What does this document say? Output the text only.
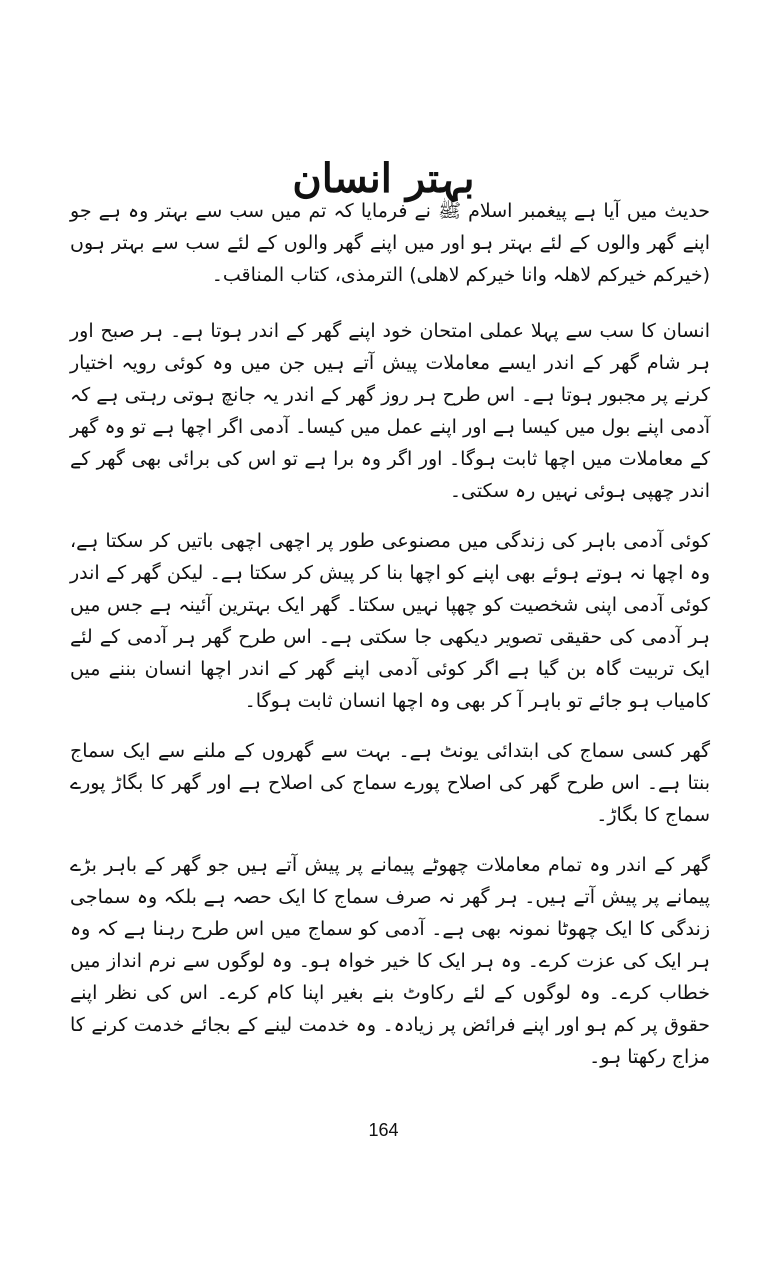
بہتر انسان

حدیث میں آیا ہے پیغمبر اسلام ﷺ نے فرمایا کہ تم میں سب سے بہتر وہ ہے جو اپنے گھر والوں کے لئے بہتر ہو اور میں اپنے گھر والوں کے لئے سب سے بہتر ہوں (خیرکم خیرکم لاھلہ وانا خیرکم لاھلی) الترمذی، کتاب المناقب۔

انسان کا سب سے پہلا عملی امتحان خود اپنے گھر کے اندر ہوتا ہے۔ ہر صبح اور ہر شام گھر کے اندر ایسے معاملات پیش آتے ہیں جن میں وہ کوئی رویہ اختیار کرنے پر مجبور ہوتا ہے۔ اس طرح ہر روز گھر کے اندر یہ جانچ ہوتی رہتی ہے کہ آدمی اپنے بول میں کیسا ہے اور اپنے عمل میں کیسا۔ آدمی اگر اچھا ہے تو وہ گھر کے معاملات میں اچھا ثابت ہوگا۔ اور اگر وہ برا ہے تو اس کی برائی بھی گھر کے اندر چھپی ہوئی نہیں رہ سکتی۔

کوئی آدمی باہر کی زندگی میں مصنوعی طور پر اچھی اچھی باتیں کر سکتا ہے، وہ اچھا نہ ہوتے ہوئے بھی اپنے کو اچھا بنا کر پیش کر سکتا ہے۔ لیکن گھر کے اندر کوئی آدمی اپنی شخصیت کو چھپا نہیں سکتا۔ گھر ایک بہترین آئینہ ہے جس میں ہر آدمی کی حقیقی تصویر دیکھی جا سکتی ہے۔ اس طرح گھر ہر آدمی کے لئے ایک تربیت گاہ بن گیا ہے اگر کوئی آدمی اپنے گھر کے اندر اچھا انسان بننے میں کامیاب ہو جائے تو باہر آ کر بھی وہ اچھا انسان ثابت ہوگا۔

گھر کسی سماج کی ابتدائی یونٹ ہے۔ بہت سے گھروں کے ملنے سے ایک سماج بنتا ہے۔ اس طرح گھر کی اصلاح پورے سماج کی اصلاح ہے اور گھر کا بگاڑ پورے سماج کا بگاڑ۔

گھر کے اندر وہ تمام معاملات چھوٹے پیمانے پر پیش آتے ہیں جو گھر کے باہر بڑے پیمانے پر پیش آتے ہیں۔ ہر گھر نہ صرف سماج کا ایک حصہ ہے بلکہ وہ سماجی زندگی کا ایک چھوٹا نمونہ بھی ہے۔ آدمی کو سماج میں اس طرح رہنا ہے کہ وہ ہر ایک کی عزت کرے۔ وہ ہر ایک کا خیر خواہ ہو۔ وہ لوگوں سے نرم انداز میں خطاب کرے۔ وہ لوگوں کے لئے رکاوٹ بنے بغیر اپنا کام کرے۔ اس کی نظر اپنے حقوق پر کم ہو اور اپنے فرائض پر زیادہ۔ وہ خدمت لینے کے بجائے خدمت کرنے کا مزاج رکھتا ہو۔

164
